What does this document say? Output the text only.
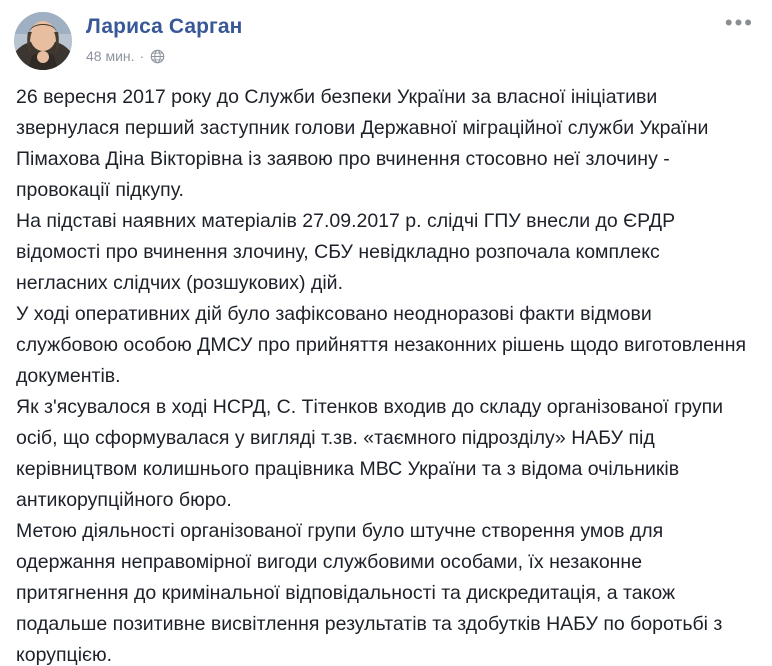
Лариса Сарган
48 мин. ·
•••

26 вересня 2017 року до Служби безпеки України за власної ініціативи звернулася перший заступник голови Державної міграційної служби України Пімахова Діна Вікторівна із заявою про вчинення стосовно неї злочину - провокації підкупу.

На підставі наявних матеріалів 27.09.2017 р. слідчі ГПУ внесли до ЄРДР відомості про вчинення злочину, СБУ невідкладно розпочала комплекс негласних слідчих (розшукових) дій.

У ході оперативних дій було зафіксовано неодноразові факти відмови службовою особою ДМСУ про прийняття незаконних рішень щодо виготовлення документів.

Як з'ясувалося в ході НСРД, С. Тітенков входив до складу організованої групи осіб, що сформувалася у вигляді т.зв. «таємного підрозділу» НАБУ під керівництвом колишнього працівника МВС України та з відома очільників антикорупційного бюро.

Метою діяльності організованої групи було штучне створення умов для одержання неправомірної вигоди службовими особами, їх незаконне притягнення до кримінальної відповідальності та дискредитація, а також подальше позитивне висвітлення результатів та здобутків НАБУ по боротьбі з корупцією.
